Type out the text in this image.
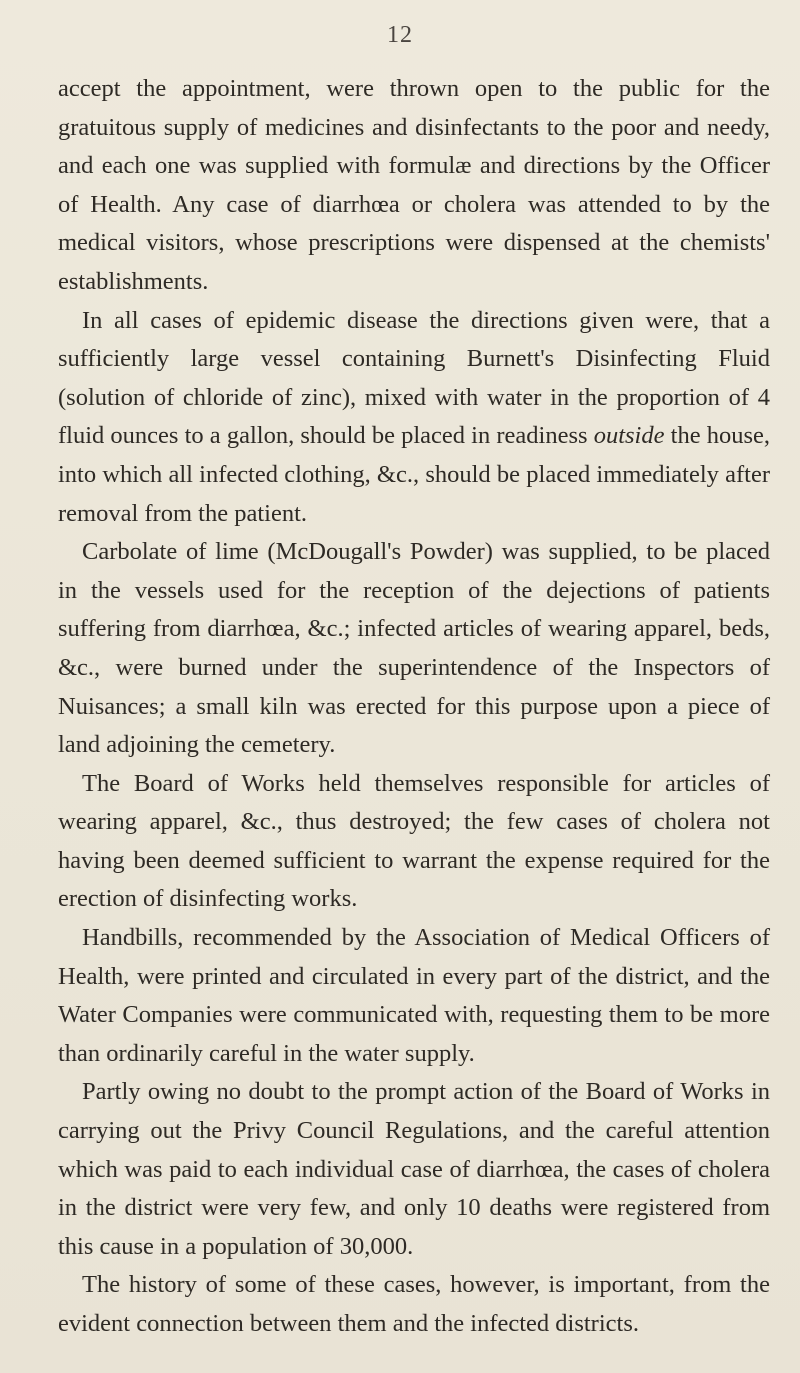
12

accept the appointment, were thrown open to the public for the gratuitous supply of medicines and disinfectants to the poor and needy, and each one was supplied with formulæ and directions by the Officer of Health. Any case of diarrhœa or cholera was attended to by the medical visitors, whose prescriptions were dispensed at the chemists' establishments.

In all cases of epidemic disease the directions given were, that a sufficiently large vessel containing Burnett's Disinfecting Fluid (solution of chloride of zinc), mixed with water in the proportion of 4 fluid ounces to a gallon, should be placed in readiness outside the house, into which all infected clothing, &c., should be placed immediately after removal from the patient.

Carbolate of lime (McDougall's Powder) was supplied, to be placed in the vessels used for the reception of the dejections of patients suffering from diarrhœa, &c.; infected articles of wearing apparel, beds, &c., were burned under the superintendence of the Inspectors of Nuisances; a small kiln was erected for this purpose upon a piece of land adjoining the cemetery.

The Board of Works held themselves responsible for articles of wearing apparel, &c., thus destroyed; the few cases of cholera not having been deemed sufficient to warrant the expense required for the erection of disinfecting works.

Handbills, recommended by the Association of Medical Officers of Health, were printed and circulated in every part of the district, and the Water Companies were communicated with, requesting them to be more than ordinarily careful in the water supply.

Partly owing no doubt to the prompt action of the Board of Works in carrying out the Privy Council Regulations, and the careful attention which was paid to each individual case of diarrhœa, the cases of cholera in the district were very few, and only 10 deaths were registered from this cause in a population of 30,000.

The history of some of these cases, however, is important, from the evident connection between them and the infected districts.
